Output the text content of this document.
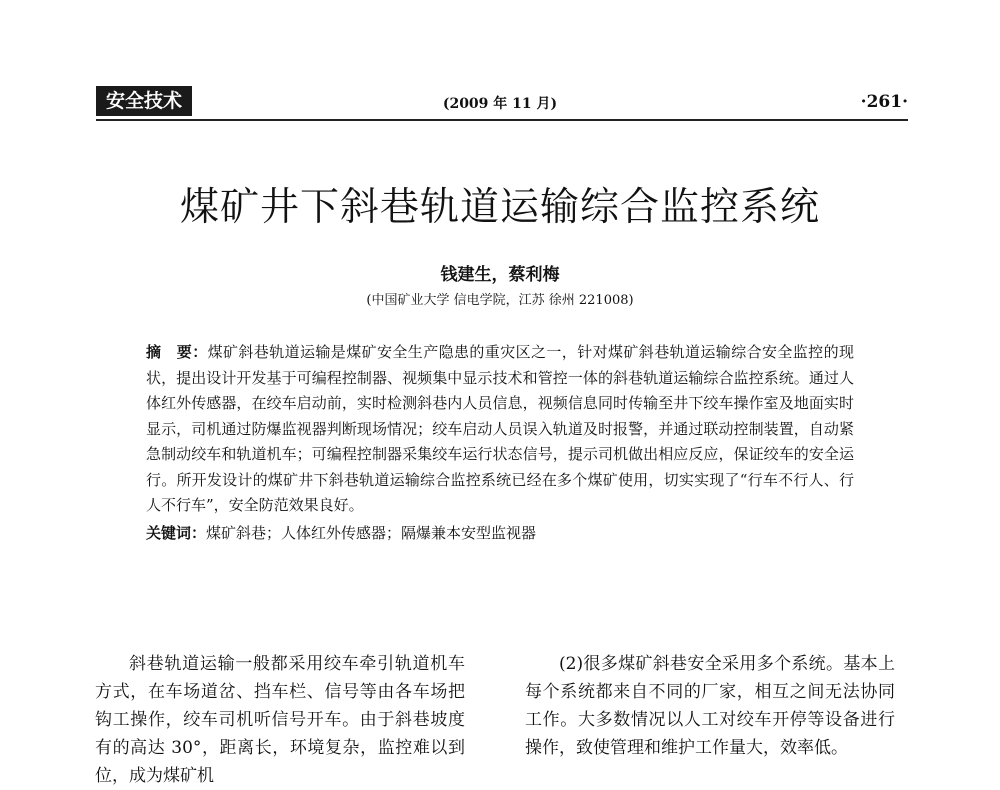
安全技术	(2009 年 11 月)	·261·
煤矿井下斜巷轨道运输综合监控系统
钱建生，蔡利梅
(中国矿业大学 信电学院，江苏 徐州 221008)

摘　要：煤矿斜巷轨道运输是煤矿安全生产隐患的重灾区之一，针对煤矿斜巷轨道运输综合安全监控的现状，提出设计开发基于可编程控制器、视频集中显示技术和管控一体的斜巷轨道运输综合监控系统。通过人体红外传感器，在绞车启动前，实时检测斜巷内人员信息，视频信息同时传输至井下绞车操作室及地面实时显示，司机通过防爆监视器判断现场情况；绞车启动人员误入轨道及时报警，并通过联动控制装置，自动紧急制动绞车和轨道机车；可编程控制器采集绞车运行状态信号，提示司机做出相应反应，保证绞车的安全运行。所开发设计的煤矿井下斜巷轨道运输综合监控系统已经在多个煤矿使用，切实实现了“行车不行人、行人不行车”，安全防范效果良好。

关键词：煤矿斜巷；人体红外传感器；隔爆兼本安型监视器

斜巷轨道运输一般都采用绞车牵引轨道机车方式，在车场道岔、挡车栏、信号等由各车场把钩工操作，绞车司机听信号开车。由于斜巷坡度有的高达 30°，距离长，环境复杂，监控难以到位，成为煤矿机

(2)很多煤矿斜巷安全采用多个系统。基本上每个系统都来自不同的厂家，相互之间无法协同工作。大多数情况以人工对绞车开停等设备进行操作，致使管理和维护工作量大，效率低。
